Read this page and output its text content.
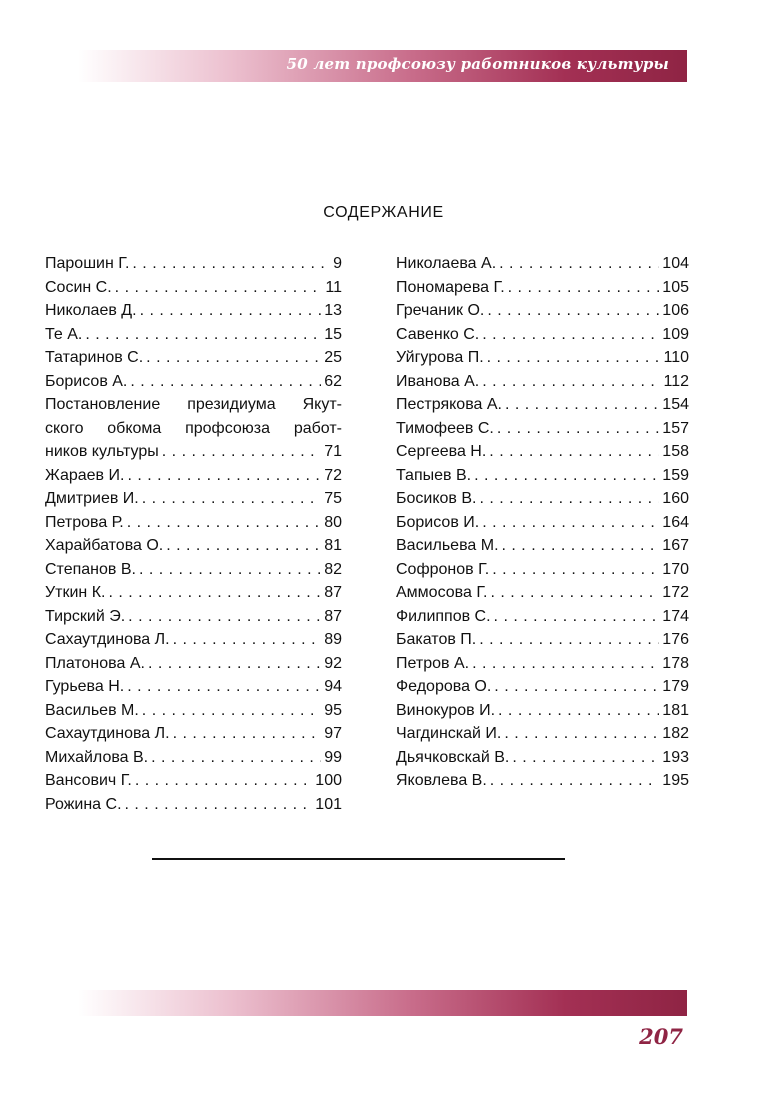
50 лет профсоюзу работников культуры
СОДЕРЖАНИЕ
Парошин Г. . . .	9
Сосин С. . . .	11
Николаев Д. . . .	13
Те А. . . .	15
Татаринов С. . . .	25
Борисов А. . . .	62
Постановление президиума Якут-
ского обкома профсоюза работ-
ников культуры . . .	71
Жараев И. . . .	72
Дмитриев И. . . .	75
Петрова Р. . . .	80
Харайбатова О. . . .	81
Степанов В. . . .	82
Уткин К. . . .	87
Тирский Э. . . .	87
Сахаутдинова Л. . . .	89
Платонова А. . . .	92
Гурьева Н. . . .	94
Васильев М. . . .	95
Сахаутдинова Л. . . .	97
Михайлова В. . . .	99
Вансович Г. . . .	100
Рожина С. . . .	101
Николаева А. . . .	104
Пономарева Г. . . .	105
Гречаник О. . . .	106
Савенко С. . . .	109
Уйгурова П. . . .	110
Иванова А. . . .	112
Пестрякова А. . . .	154
Тимофеев С. . . .	157
Сергеева Н. . . .	158
Тапыев В. . . .	159
Босиков В. . . .	160
Борисов И. . . .	164
Васильева М. . . .	167
Софронов Г. . . .	170
Аммосова Г. . . .	172
Филиппов С. . . .	174
Бакатов П. . . .	176
Петров А. . . .	178
Федорова О. . . .	179
Винокуров И. . . .	181
Чагдинскай И. . . .	182
Дьячковскай В. . . .	193
Яковлева В. . . .	195
207
